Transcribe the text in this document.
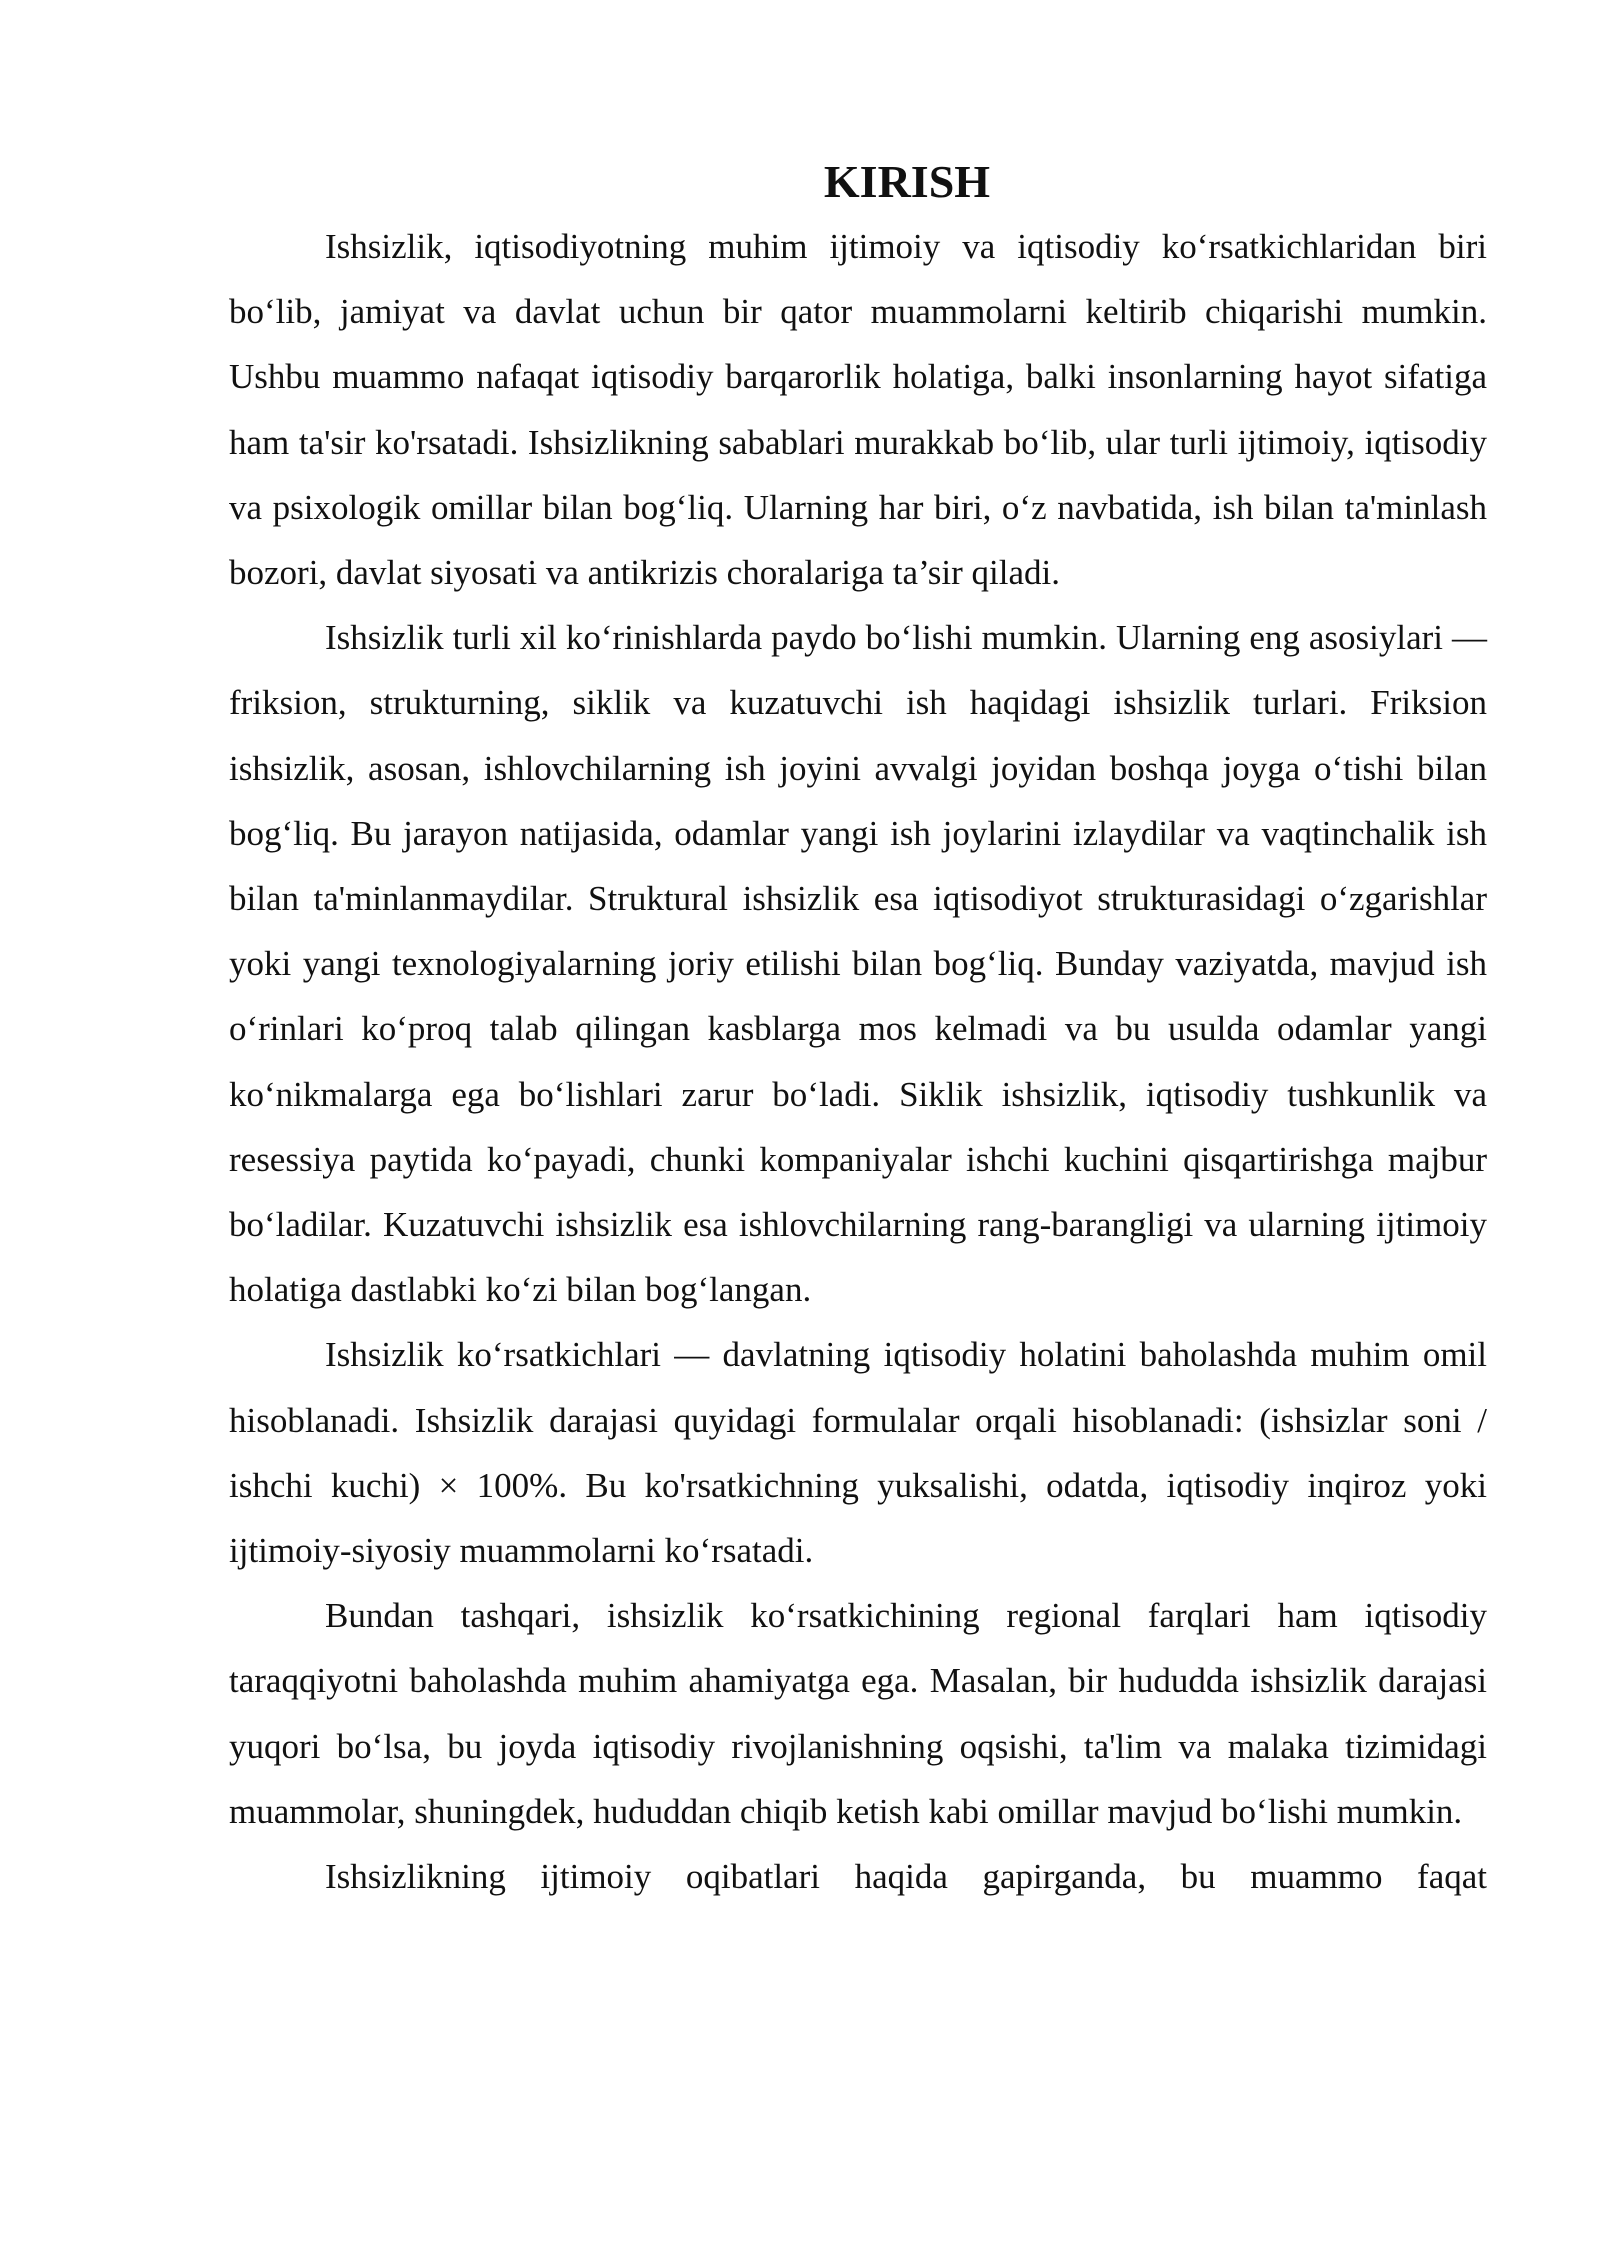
KIRISH

Ishsizlik, iqtisodiyotning muhim ijtimoiy va iqtisodiy koʻrsatkichlaridan biri boʻlib, jamiyat va davlat uchun bir qator muammolarni keltirib chiqarishi mumkin. Ushbu muammo nafaqat iqtisodiy barqarorlik holatiga, balki insonlarning hayot sifatiga ham ta'sir ko'rsatadi. Ishsizlikning sabablari murakkab boʻlib, ular turli ijtimoiy, iqtisodiy va psixologik omillar bilan bogʻliq. Ularning har biri, oʻz navbatida, ish bilan ta'minlash bozori, davlat siyosati va antikrizis choralariga ta’sir qiladi.

Ishsizlik turli xil koʻrinishlarda paydo boʻlishi mumkin. Ularning eng asosiylari — friksion, strukturning, siklik va kuzatuvchi ish haqidagi ishsizlik turlari. Friksion ishsizlik, asosan, ishlovchilarning ish joyini avvalgi joyidan boshqa joyga oʻtishi bilan bogʻliq. Bu jarayon natijasida, odamlar yangi ish joylarini izlaydilar va vaqtinchalik ish bilan ta'minlanmaydilar. Struktural ishsizlik esa iqtisodiyot strukturasidagi oʻzgarishlar yoki yangi texnologiyalarning joriy etilishi bilan bogʻliq. Bunday vaziyatda, mavjud ish oʻrinlari koʻproq talab qilingan kasblarga mos kelmadi va bu usulda odamlar yangi koʻnikmalarga ega boʻlishlari zarur boʻladi. Siklik ishsizlik, iqtisodiy tushkunlik va resessiya paytida koʻpayadi, chunki kompaniyalar ishchi kuchini qisqartirishga majbur boʻladilar. Kuzatuvchi ishsizlik esa ishlovchilarning rang-barangligi va ularning ijtimoiy holatiga dastlabki koʻzi bilan bogʻlangan.

Ishsizlik koʻrsatkichlari — davlatning iqtisodiy holatini baholashda muhim omil hisoblanadi. Ishsizlik darajasi quyidagi formulalar orqali hisoblanadi: (ishsizlar soni / ishchi kuchi) × 100%. Bu ko'rsatkichning yuksalishi, odatda, iqtisodiy inqiroz yoki ijtimoiy-siyosiy muammolarni koʻrsatadi.

Bundan tashqari, ishsizlik koʻrsatkichining regional farqlari ham iqtisodiy taraqqiyotni baholashda muhim ahamiyatga ega. Masalan, bir hududda ishsizlik darajasi yuqori boʻlsa, bu joyda iqtisodiy rivojlanishning oqsishi, ta'lim va malaka tizimidagi muammolar, shuningdek, hududdan chiqib ketish kabi omillar mavjud boʻlishi mumkin.

Ishsizlikning ijtimoiy oqibatlari haqida gapirganda, bu muammo faqat
